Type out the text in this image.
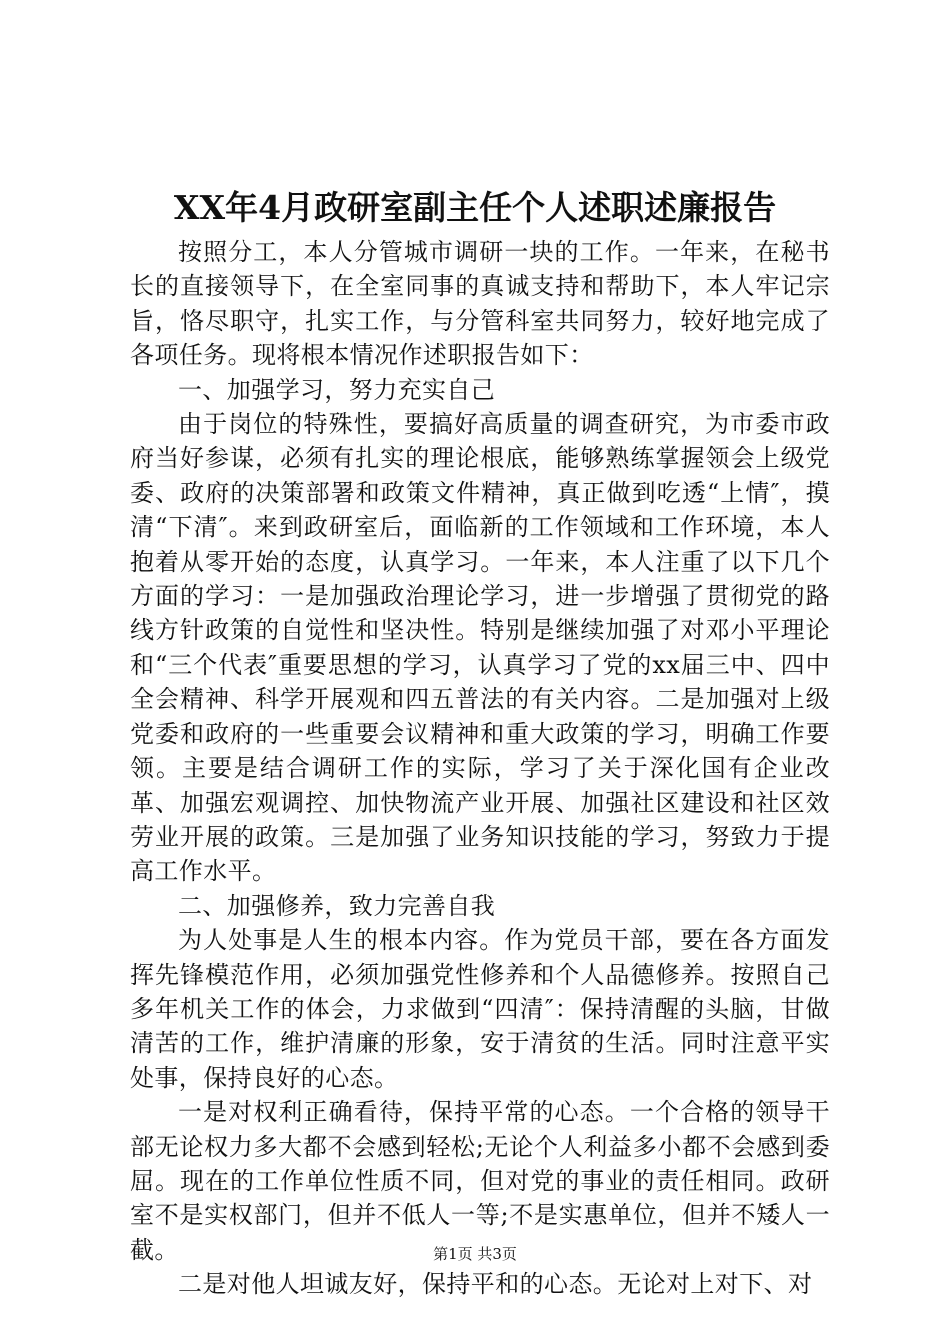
XX年4月政研室副主任个人述职述廉报告

按照分工，本人分管城市调研一块的工作。一年来，在秘书长的直接领导下，在全室同事的真诚支持和帮助下，本人牢记宗旨，恪尽职守，扎实工作，与分管科室共同努力，较好地完成了各项任务。现将根本情况作述职报告如下：

一、加强学习，努力充实自己

由于岗位的特殊性，要搞好高质量的调查研究，为市委市政府当好参谋，必须有扎实的理论根底，能够熟练掌握领会上级党委、政府的决策部署和政策文件精神，真正做到吃透“上情″，摸清“下清″。来到政研室后，面临新的工作领域和工作环境，本人抱着从零开始的态度，认真学习。一年来，本人注重了以下几个方面的学习：一是加强政治理论学习，进一步增强了贯彻党的路线方针政策的自觉性和坚决性。特别是继续加强了对邓小平理论和“三个代表″重要思想的学习，认真学习了党的xx届三中、四中全会精神、科学开展观和四五普法的有关内容。二是加强对上级党委和政府的一些重要会议精神和重大政策的学习，明确工作要领。主要是结合调研工作的实际，学习了关于深化国有企业改革、加强宏观调控、加快物流产业开展、加强社区建设和社区效劳业开展的政策。三是加强了业务知识技能的学习，努致力于提高工作水平。

二、加强修养，致力完善自我

为人处事是人生的根本内容。作为党员干部，要在各方面发挥先锋模范作用，必须加强党性修养和个人品德修养。按照自己多年机关工作的体会，力求做到“四清″：保持清醒的头脑，甘做清苦的工作，维护清廉的形象，安于清贫的生活。同时注意平实处事，保持良好的心态。

一是对权利正确看待，保持平常的心态。一个合格的领导干部无论权力多大都不会感到轻松;无论个人利益多小都不会感到委屈。现在的工作单位性质不同，但对党的事业的责任相同。政研室不是实权部门，但并不低人一等;不是实惠单位，但并不矮人一截。

二是对他人坦诚友好，保持平和的心态。无论对上对下、对

第1页 共3页
